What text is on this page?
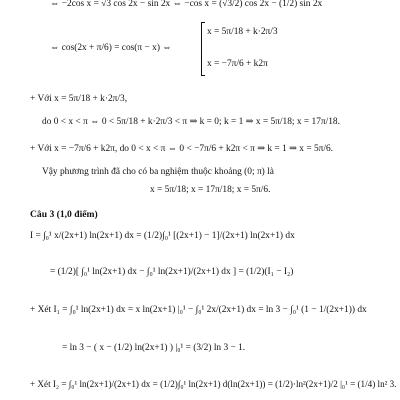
⇔ −2cos x = √3 cos 2x − sin 2x ⇔ −cos x = (√3/2) cos 2x − (1/2) sin 2x
⇔ cos(2x + π/6) = cos(π − x) ⇔
x = 5π/18 + k·2π/3
x = −7π/6 + k2π
+ Với x = 5π/18 + k·2π/3,
do 0 < x < π ⇔ 0 < 5π/18 + k·2π/3 < π ⇒ k = 0; k = 1 ⇒ x = 5π/18; x = 17π/18.
+ Với x = −7π/6 + k2π, do 0 < x < π ⇔ 0 < −7π/6 + k2π < π ⇒ k = 1 ⇒ x = 5π/6.
Vậy phương trình đã cho có ba nghiệm thuộc khoảng (0; π) là
x = 5π/18; x = 17π/18; x = 5π/6.
Câu 3 (1,0 điểm)
I = ∫₀¹ x/(2x+1) ln(2x+1) dx = (1/2)∫₀¹ [(2x+1) − 1]/(2x+1) ln(2x+1) dx
= (1/2)[ ∫₀¹ ln(2x+1) dx − ∫₀¹ ln(2x+1)/(2x+1) dx ] = (1/2)(I₁ − I₂)
+ Xét I₁ = ∫₀¹ ln(2x+1) dx = x ln(2x+1) |₀¹ − ∫₀¹ 2x/(2x+1) dx = ln 3 − ∫₀¹ (1 − 1/(2x+1)) dx
= ln 3 − ( x − (1/2) ln(2x+1) ) |₀¹ = (3/2) ln 3 − 1.
+ Xét I₂ = ∫₀¹ ln(2x+1)/(2x+1) dx = (1/2)∫₀¹ ln(2x+1) d(ln(2x+1)) = (1/2)·ln²(2x+1)/2 |₀¹ = (1/4) ln² 3.
